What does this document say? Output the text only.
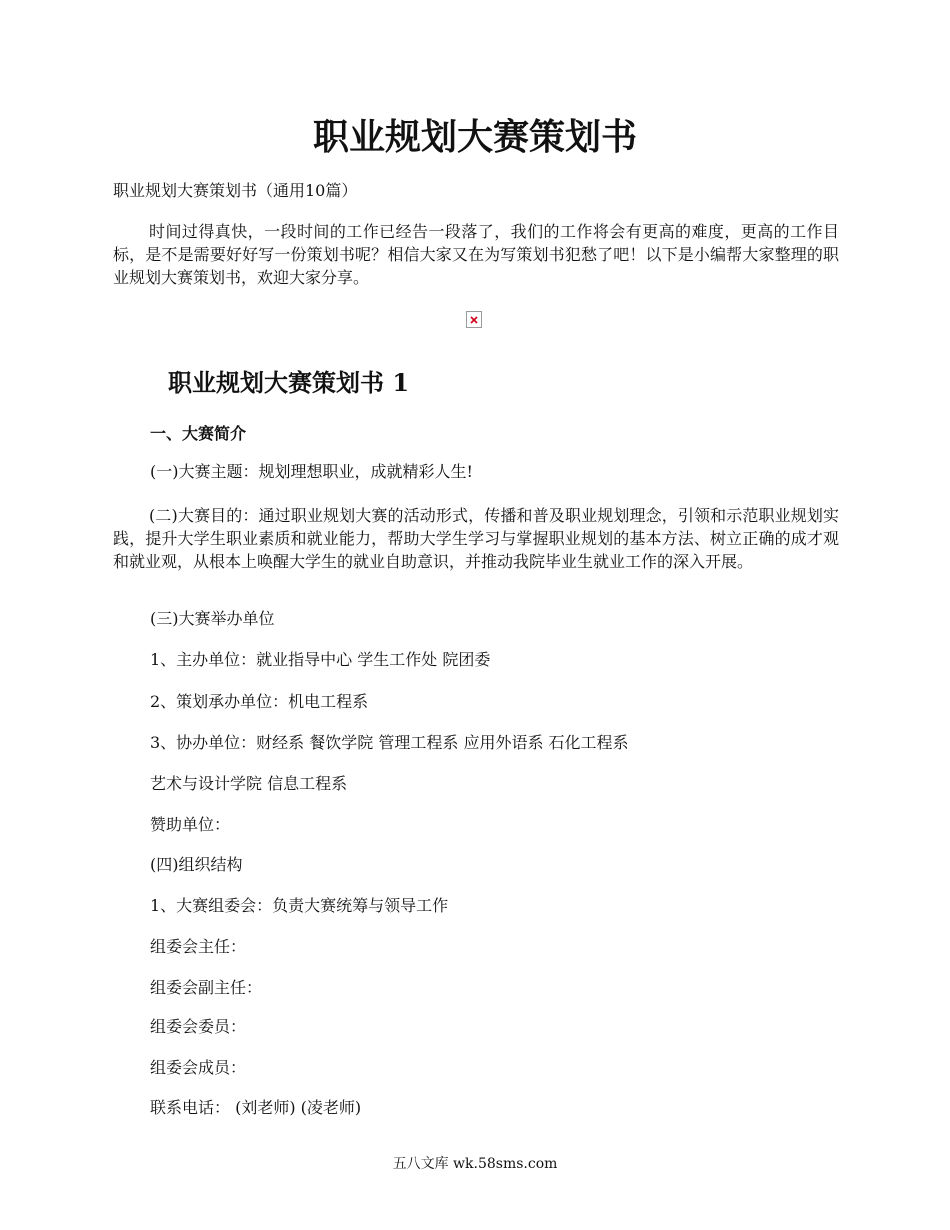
职业规划大赛策划书
职业规划大赛策划书（通用10篇）
时间过得真快，一段时间的工作已经告一段落了，我们的工作将会有更高的难度，更高的工作目标，是不是需要好好写一份策划书呢？相信大家又在为写策划书犯愁了吧！以下是小编帮大家整理的职业规划大赛策划书，欢迎大家分享。
职业规划大赛策划书 1
一、大赛简介
(一)大赛主题：规划理想职业，成就精彩人生!
(二)大赛目的：通过职业规划大赛的活动形式，传播和普及职业规划理念，引领和示范职业规划实践，提升大学生职业素质和就业能力，帮助大学生学习与掌握职业规划的基本方法、树立正确的成才观和就业观，从根本上唤醒大学生的就业自助意识，并推动我院毕业生就业工作的深入开展。
(三)大赛举办单位
1、主办单位：就业指导中心 学生工作处 院团委
2、策划承办单位：机电工程系
3、协办单位：财经系 餐饮学院 管理工程系 应用外语系 石化工程系
艺术与设计学院 信息工程系
赞助单位：
(四)组织结构
1、大赛组委会：负责大赛统筹与领导工作
组委会主任：
组委会副主任：
组委会委员：
组委会成员：
联系电话： (刘老师) (凌老师)
五八文库 wk.58sms.com
